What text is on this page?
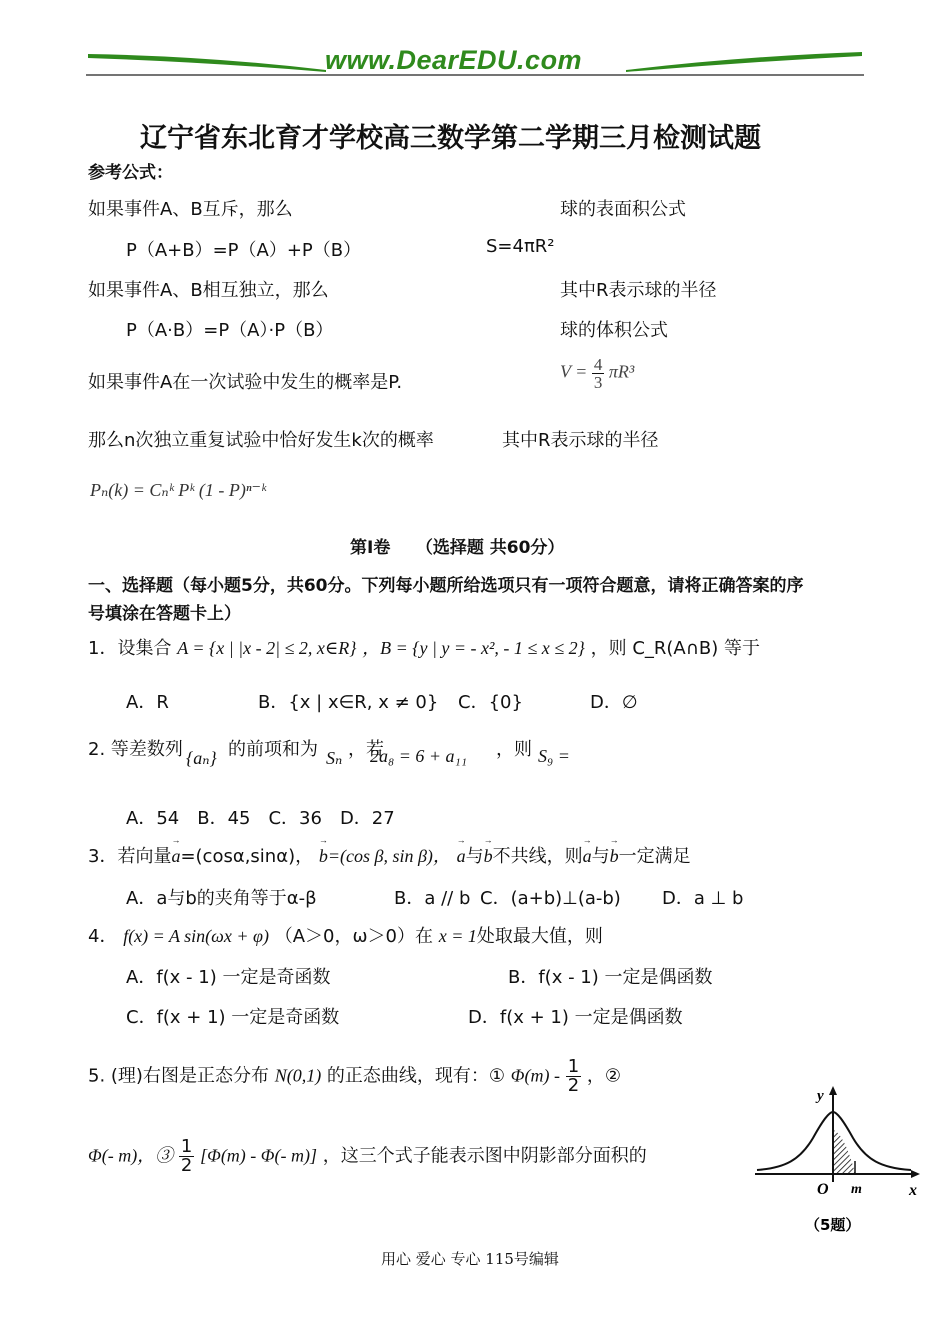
www.DearEDU.com
辽宁省东北育才学校高三数学第二学期三月检测试题
参考公式：
如果事件A、B互斥，那么	球的表面积公式
P（A+B）=P（A）+P（B）	S=4πR²
如果事件A、B相互独立，那么	其中R表示球的半径
P（A·B）=P（A）·P（B）	球的体积公式
如果事件A在一次试验中发生的概率是P.
$V = \frac{4}{3} \pi R^3$
那么n次独立重复试验中恰好发生k次的概率	其中R表示球的半径
Pₙ(k) = Cₙᵏ Pᵏ (1 - P)ⁿ⁻ᵏ
第Ⅰ卷　　（选择题 共60分）
一、选择题（每小题5分，共60分。下列每小题所给选项只有一项符合题意，请将正确答案的序
号填涂在答题卡上）
1．设集合 A = {x | |x - 2| ≤ 2, x∈R} ，B = {y | y = - x², - 1 ≤ x ≤ 2} ，则 C_R(A∩B) 等于
A．R	B．{x | x∈R, x ≠ 0} C．{0}	D．∅
2. 等差数列 {aₙ} 的前项和为 Sₙ ，若
2a₈ = 6 + a₁₁ ，则 S₉ =
A．54　B．45　C．36　D．27
3．若向量→ a=(cosα,sinα)， → b=(cos β, sin β)， → a与→ b不共线，则→ a与→ b一定满足
A．a与b的夹角等于α-β	B．a // b C．(a+b)⊥(a-b) D．a ⊥ b
4． f(x) = A sin(ωx + φ) （A＞0，ω＞0）在 x = 1处取最大值，则
A．f(x - 1) 一定是奇函数	B．f(x - 1) 一定是偶函数
C．f(x + 1) 一定是奇函数	D．f(x + 1) 一定是偶函数
5. (理)右图是正态分布 N(0,1) 的正态曲线，现有：① $\Phi(m) - \frac{1}{2}$ ，②
Φ(- m)，③ $\frac{1}{2} [\Phi(m) - \Phi(-$ m)] ，这三个式子能表示图中阴影部分面积的
y
x
O m
（5题）
用心 爱心 专心 115号编辑
